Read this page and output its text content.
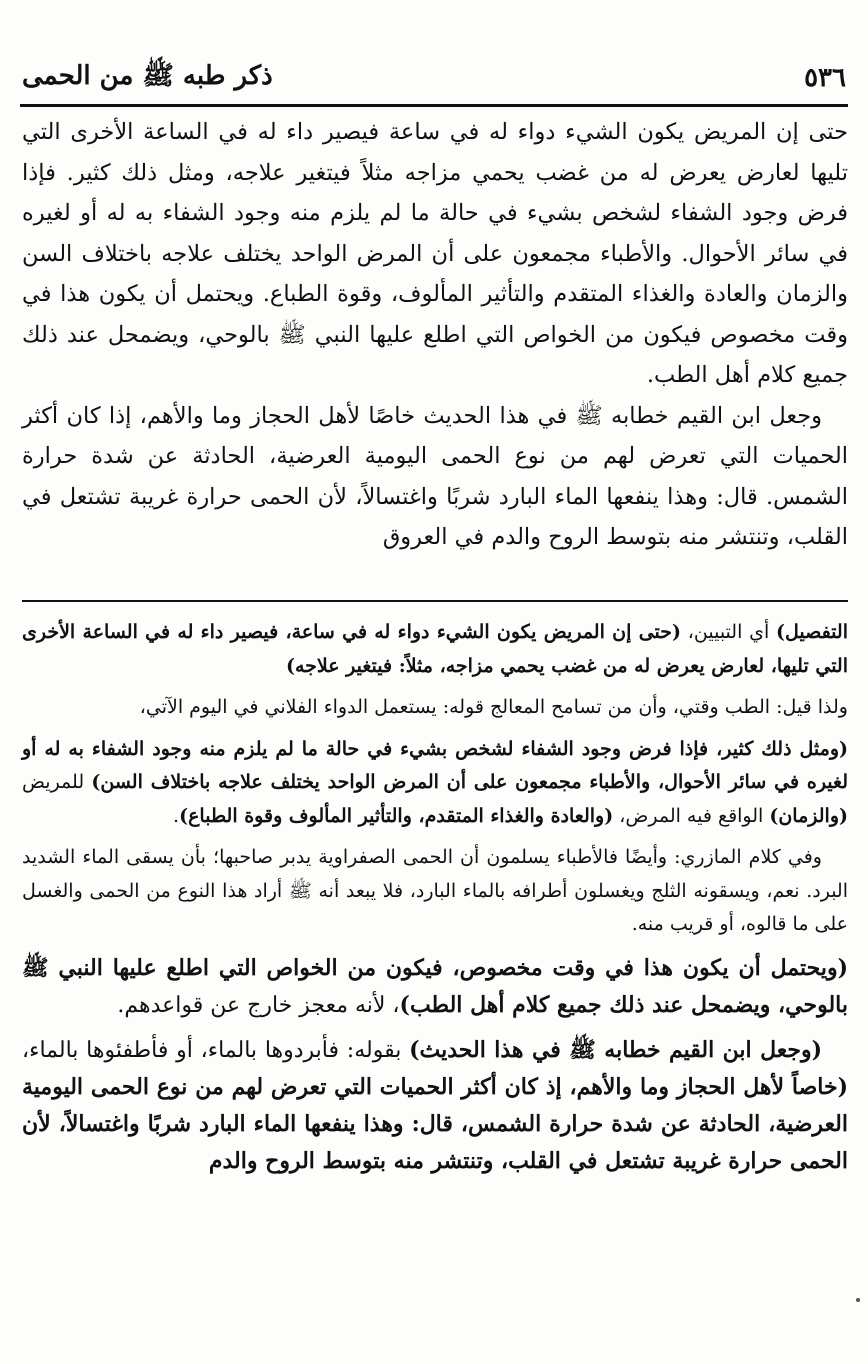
٥٣٦
ذكر طبه ﷺ من الحمى

حتى إن المريض يكون الشيء دواء له في ساعة فيصير داء له في الساعة الأخرى التي تليها لعارض يعرض له من غضب يحمي مزاجه مثلاً فيتغير علاجه، ومثل ذلك كثير. فإذا فرض وجود الشفاء لشخص بشيء في حالة ما لم يلزم منه وجود الشفاء به له أو لغيره في سائر الأحوال. والأطباء مجمعون على أن المرض الواحد يختلف علاجه باختلاف السن والزمان والعادة والغذاء المتقدم والتأثير المألوف، وقوة الطباع. ويحتمل أن يكون هذا في وقت مخصوص فيكون من الخواص التي اطلع عليها النبي ﷺ بالوحي، ويضمحل عند ذلك جميع كلام أهل الطب.

وجعل ابن القيم خطابه ﷺ في هذا الحديث خاصًا لأهل الحجاز وما والأهم، إذا كان أكثر الحميات التي تعرض لهم من نوع الحمى اليومية العرضية، الحادثة عن شدة حرارة الشمس. قال: وهذا ينفعها الماء البارد شربًا واغتسالاً، لأن الحمى حرارة غريبة تشتعل في القلب، وتنتشر منه بتوسط الروح والدم في العروق

التفصيل) أي التبيين، (حتى إن المريض يكون الشيء دواء له في ساعة، فيصير داء له في الساعة الأخرى التي تليها، لعارض يعرض له من غضب يحمي مزاجه، مثلاً: فيتغير علاجه)

ولذا قيل: الطب وقتي، وأن من تسامح المعالج قوله: يستعمل الدواء الفلاني في اليوم الآتي،

(ومثل ذلك كثير، فإذا فرض وجود الشفاء لشخص بشيء في حالة ما لم يلزم منه وجود الشفاء به له أو لغيره في سائر الأحوال، والأطباء مجمعون على أن المرض الواحد يختلف علاجه باختلاف السن) للمريض (والزمان) الواقع فيه المرض، (والعادة والغذاء المتقدم، والتأثير المألوف وقوة الطباع).

وفي كلام المازري: وأيضًا فالأطباء يسلمون أن الحمى الصفراوية يدبر صاحبها؛ بأن يسقى الماء الشديد البرد. نعم، ويسقونه الثلج ويغسلون أطرافه بالماء البارد، فلا يبعد أنه ﷺ أراد هذا النوع من الحمى والغسل على ما قالوه، أو قريب منه.

(ويحتمل أن يكون هذا في وقت مخصوص، فيكون من الخواص التي اطلع عليها النبي ﷺ بالوحي، ويضمحل عند ذلك جميع كلام أهل الطب)، لأنه معجز خارج عن قواعدهم.

(وجعل ابن القيم خطابه ﷺ في هذا الحديث) بقوله: فأبردوها بالماء، أو فأطفئوها بالماء، (خاصاً لأهل الحجاز وما والأهم، إذ كان أكثر الحميات التي تعرض لهم من نوع الحمى اليومية العرضية، الحادثة عن شدة حرارة الشمس، قال: وهذا ينفعها الماء البارد شربًا واغتسالاً، لأن الحمى حرارة غريبة تشتعل في القلب، وتنتشر منه بتوسط الروح والدم
